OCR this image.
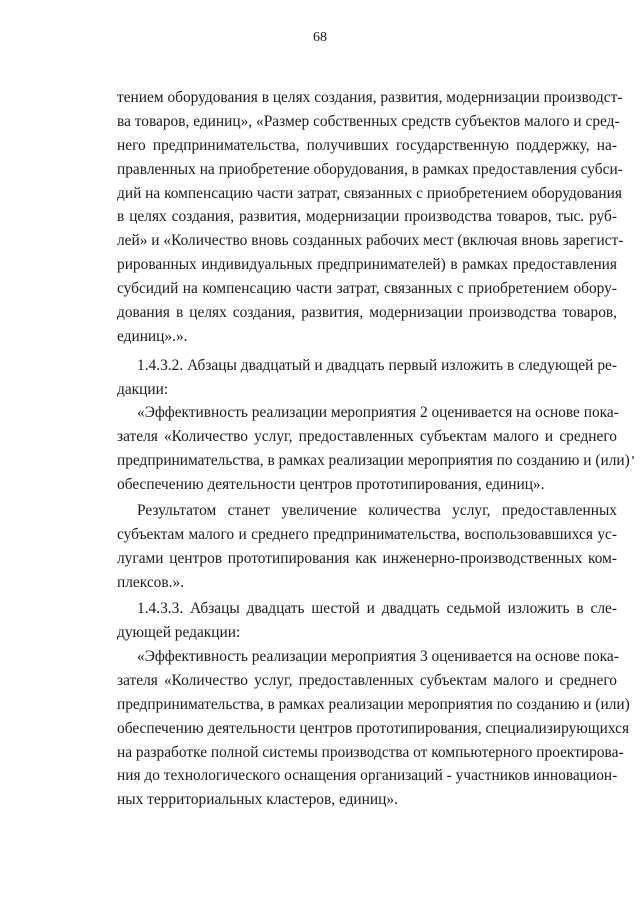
68
тением оборудования в целях создания, развития, модернизации производст-
ва товаров, единиц», «Размер собственных средств субъектов малого и сред-
него предпринимательства, получивших государственную поддержку, на-
правленных на приобретение оборудования, в рамках предоставления субси-
дий на компенсацию части затрат, связанных с приобретением оборудования
в целях создания, развития, модернизации производства товаров, тыс. руб-
лей» и «Количество вновь созданных рабочих мест (включая вновь зарегист-
рированных индивидуальных предпринимателей) в рамках предоставления
субсидий на компенсацию части затрат, связанных с приобретением обору-
дования в целях создания, развития, модернизации производства товаров,
единиц».».
1.4.3.2. Абзацы двадцатый и двадцать первый изложить в следующей ре-
дакции:
«Эффективность реализации мероприятия 2 оценивается на основе пока-
зателя «Количество услуг, предоставленных субъектам малого и среднего
предпринимательства, в рамках реализации мероприятия по созданию и (или)
обеспечению деятельности центров прототипирования, единиц».
Результатом станет увеличение количества услуг, предоставленных
субъектам малого и среднего предпринимательства, воспользовавшихся ус-
лугами центров прототипирования как инженерно-производственных ком-
плексов.».
1.4.3.3. Абзацы двадцать шестой и двадцать седьмой изложить в сле-
дующей редакции:
«Эффективность реализации мероприятия 3 оценивается на основе пока-
зателя «Количество услуг, предоставленных субъектам малого и среднего
предпринимательства, в рамках реализации мероприятия по созданию и (или)
обеспечению деятельности центров прототипирования, специализирующихся
на разработке полной системы производства от компьютерного проектирова-
ния до технологического оснащения организаций - участников инновацион-
ных территориальных кластеров, единиц».
